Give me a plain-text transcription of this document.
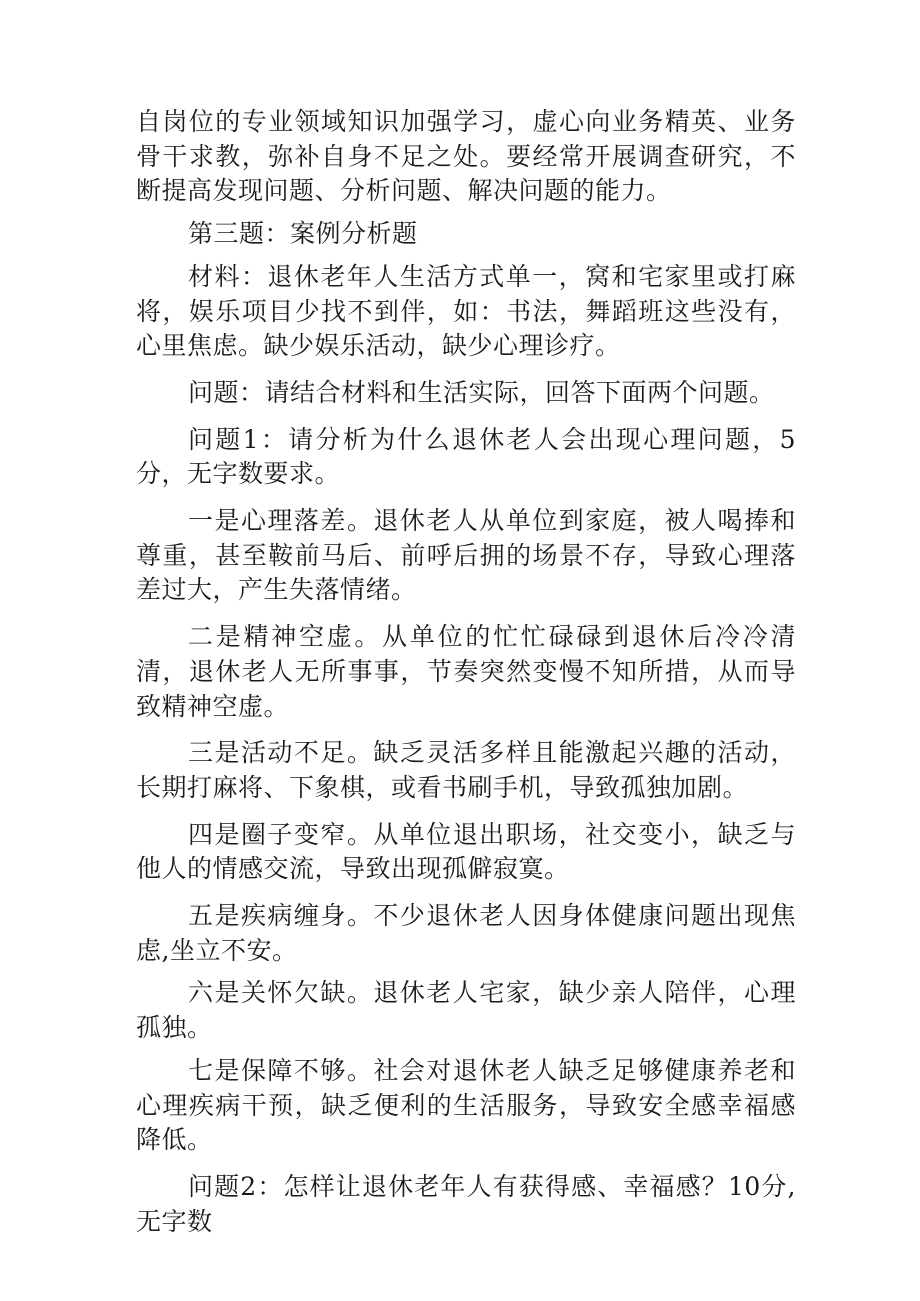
自岗位的专业领域知识加强学习，虚心向业务精英、业务骨干求教，弥补自身不足之处。要经常开展调查研究，不断提高发现问题、分析问题、解决问题的能力。

第三题：案例分析题

材料：退休老年人生活方式单一，窝和宅家里或打麻将，娱乐项目少找不到伴，如：书法，舞蹈班这些没有，心里焦虑。缺少娱乐活动，缺少心理诊疗。

问题：请结合材料和生活实际，回答下面两个问题。

问题1：请分析为什么退休老人会出现心理问题，5分，无字数要求。

一是心理落差。退休老人从单位到家庭，被人喝捧和尊重，甚至鞍前马后、前呼后拥的场景不存，导致心理落差过大，产生失落情绪。

二是精神空虚。从单位的忙忙碌碌到退休后冷冷清清，退休老人无所事事，节奏突然变慢不知所措，从而导致精神空虚。

三是活动不足。缺乏灵活多样且能激起兴趣的活动，长期打麻将、下象棋，或看书刷手机，导致孤独加剧。

四是圈子变窄。从单位退出职场，社交变小，缺乏与他人的情感交流，导致出现孤僻寂寞。

五是疾病缠身。不少退休老人因身体健康问题出现焦虑,坐立不安。

六是关怀欠缺。退休老人宅家，缺少亲人陪伴，心理孤独。

七是保障不够。社会对退休老人缺乏足够健康养老和心理疾病干预，缺乏便利的生活服务，导致安全感幸福感降低。

问题2：怎样让退休老年人有获得感、幸福感？10分,无字数
